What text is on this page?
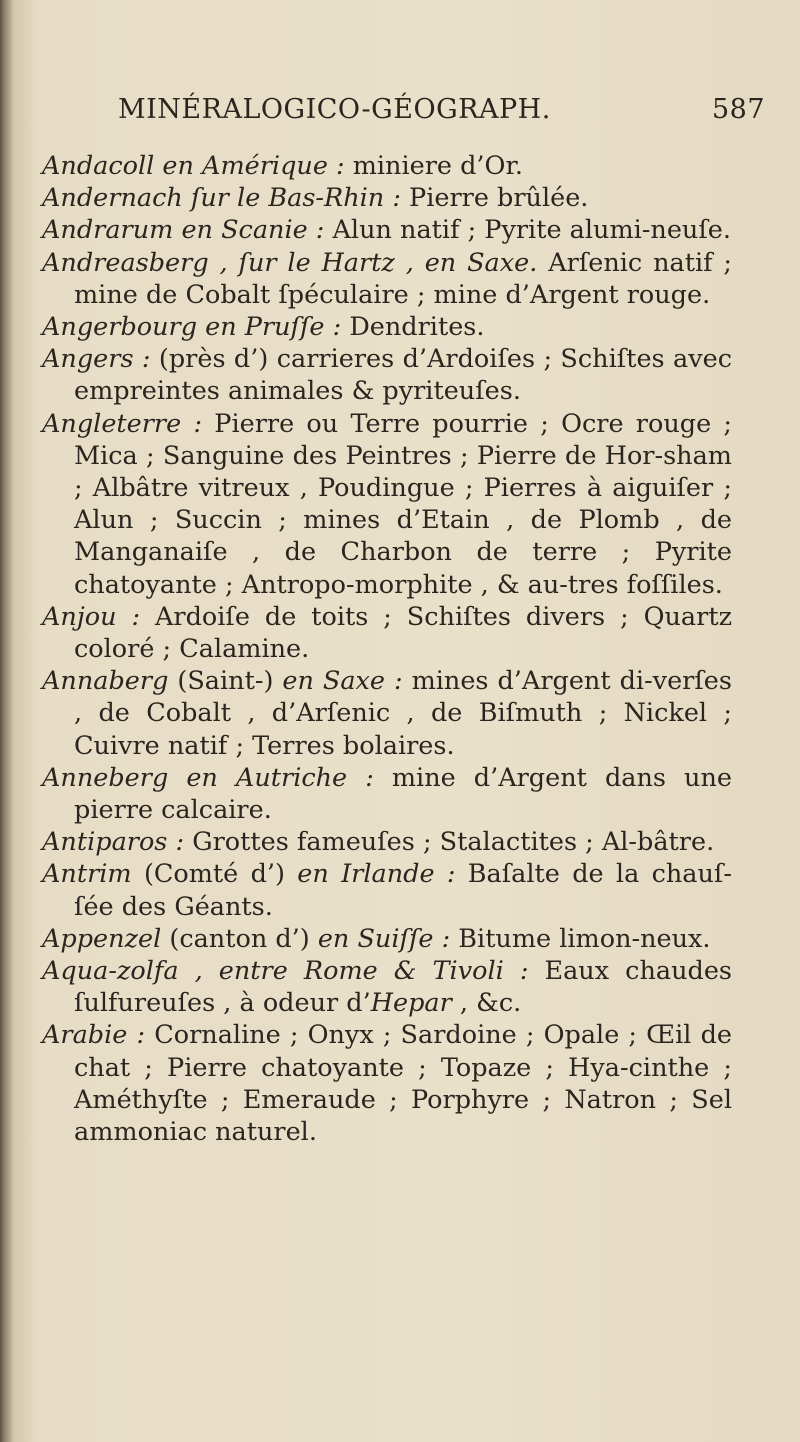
MINÉRALOGICO-GÉOGRAPH.	587

Andacoll en Amérique : miniere d’Or.

Andernach ſur le Bas-Rhin : Pierre brûlée.

Andrarum en Scanie : Alun natif ; Pyrite alumi-neuſe.

Andreasberg , ſur le Hartz , en Saxe. Arſenic natif ; mine de Cobalt ſpéculaire ; mine d’Argent rouge.

Angerbourg en Pruſſe : Dendrites.

Angers : (près d’) carrieres d’Ardoiſes ; Schiſtes avec empreintes animales & pyriteuſes.

Angleterre : Pierre ou Terre pourrie ; Ocre rouge ; Mica ; Sanguine des Peintres ; Pierre de Hor-sham ; Albâtre vitreux , Poudingue ; Pierres à aiguiſer ; Alun ; Succin ; mines d’Etain , de Plomb , de Manganaiſe , de Charbon de terre ; Pyrite chatoyante ; Antropo-morphite , & au-tres foſſiles.

Anjou : Ardoiſe de toits ; Schiſtes divers ; Quartz coloré ; Calamine.

Annaberg (Saint-) en Saxe : mines d’Argent di-verſes , de Cobalt , d’Arſenic , de Biſmuth ; Nickel ; Cuivre natif ; Terres bolaires.

Anneberg en Autriche : mine d’Argent dans une pierre calcaire.

Antiparos : Grottes fameuſes ; Stalactites ; Al-bâtre.

Antrim (Comté d’) en Irlande : Baſalte de la chauſ-ſée des Géants.

Appenzel (canton d’) en Suiſſe : Bitume limon-neux.

Aqua-zolfa , entre Rome & Tivoli : Eaux chaudes ſulfureuſes , à odeur d’Hepar , &c.

Arabie : Cornaline ; Onyx ; Sardoine ; Opale ; Œil de chat ; Pierre chatoyante ; Topaze ; Hya-cinthe ; Améthyſte ; Emeraude ; Porphyre ; Natron ; Sel ammoniac naturel.
